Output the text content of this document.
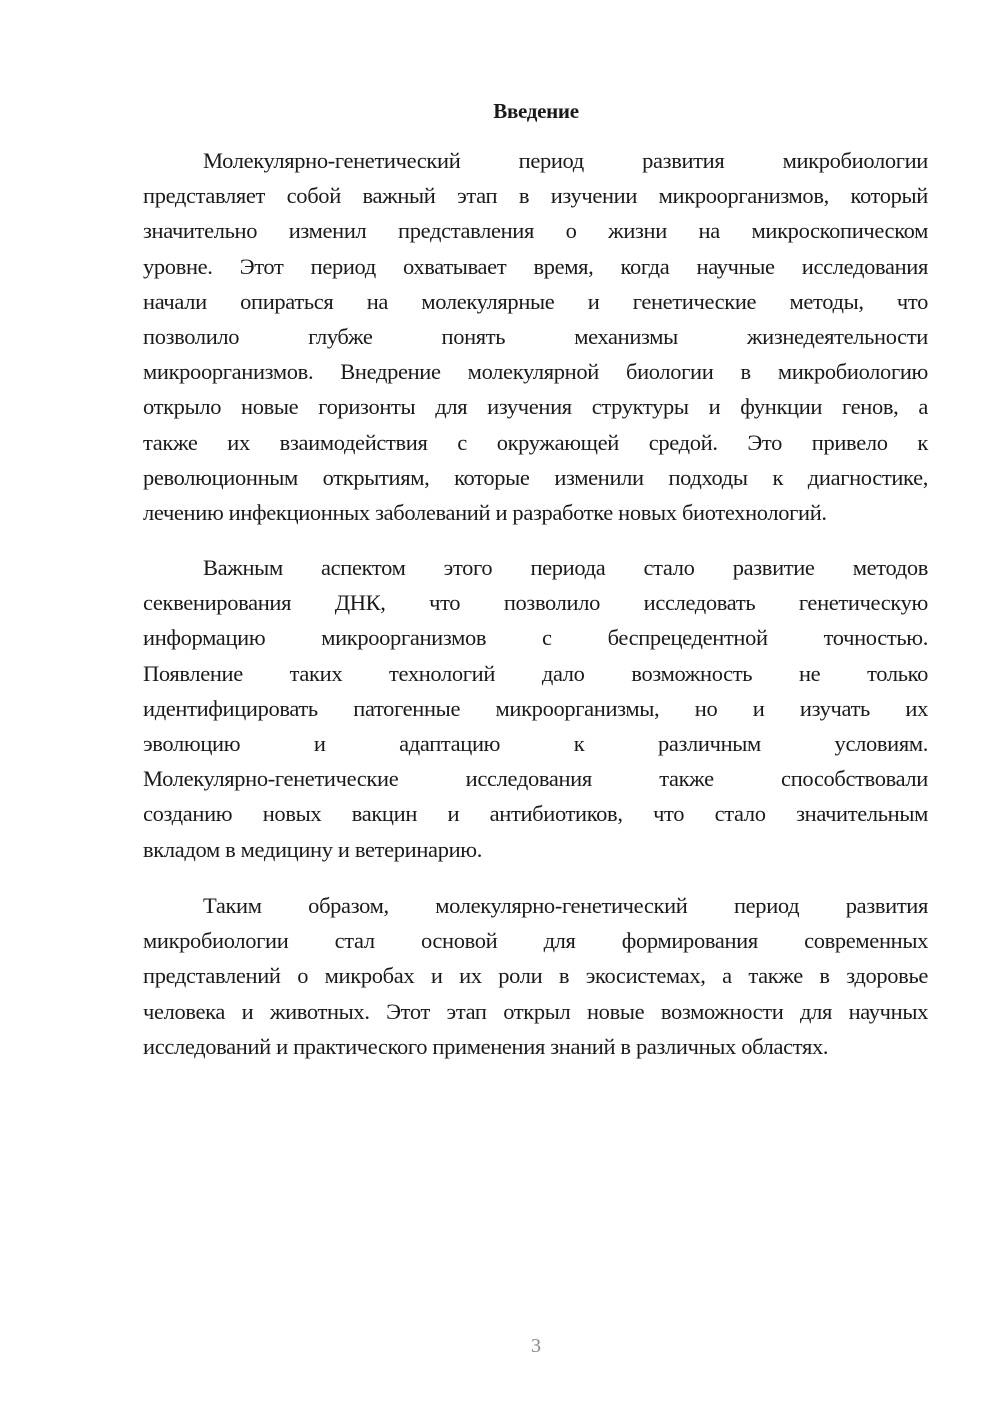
Введение
Молекулярно-генетический период развития микробиологии
представляет собой важный этап в изучении микроорганизмов, который
значительно изменил представления о жизни на микроскопическом
уровне. Этот период охватывает время, когда научные исследования
начали опираться на молекулярные и генетические методы, что
позволило глубже понять механизмы жизнедеятельности
микроорганизмов. Внедрение молекулярной биологии в микробиологию
открыло новые горизонты для изучения структуры и функции генов, а
также их взаимодействия с окружающей средой. Это привело к
революционным открытиям, которые изменили подходы к диагностике,
лечению инфекционных заболеваний и разработке новых биотехнологий.
Важным аспектом этого периода стало развитие методов
секвенирования ДНК, что позволило исследовать генетическую
информацию микроорганизмов с беспрецедентной точностью.
Появление таких технологий дало возможность не только
идентифицировать патогенные микроорганизмы, но и изучать их
эволюцию и адаптацию к различным условиям.
Молекулярно-генетические исследования также способствовали
созданию новых вакцин и антибиотиков, что стало значительным
вкладом в медицину и ветеринарию.
Таким образом, молекулярно-генетический период развития
микробиологии стал основой для формирования современных
представлений о микробах и их роли в экосистемах, а также в здоровье
человека и животных. Этот этап открыл новые возможности для научных
исследований и практического применения знаний в различных областях.
3
